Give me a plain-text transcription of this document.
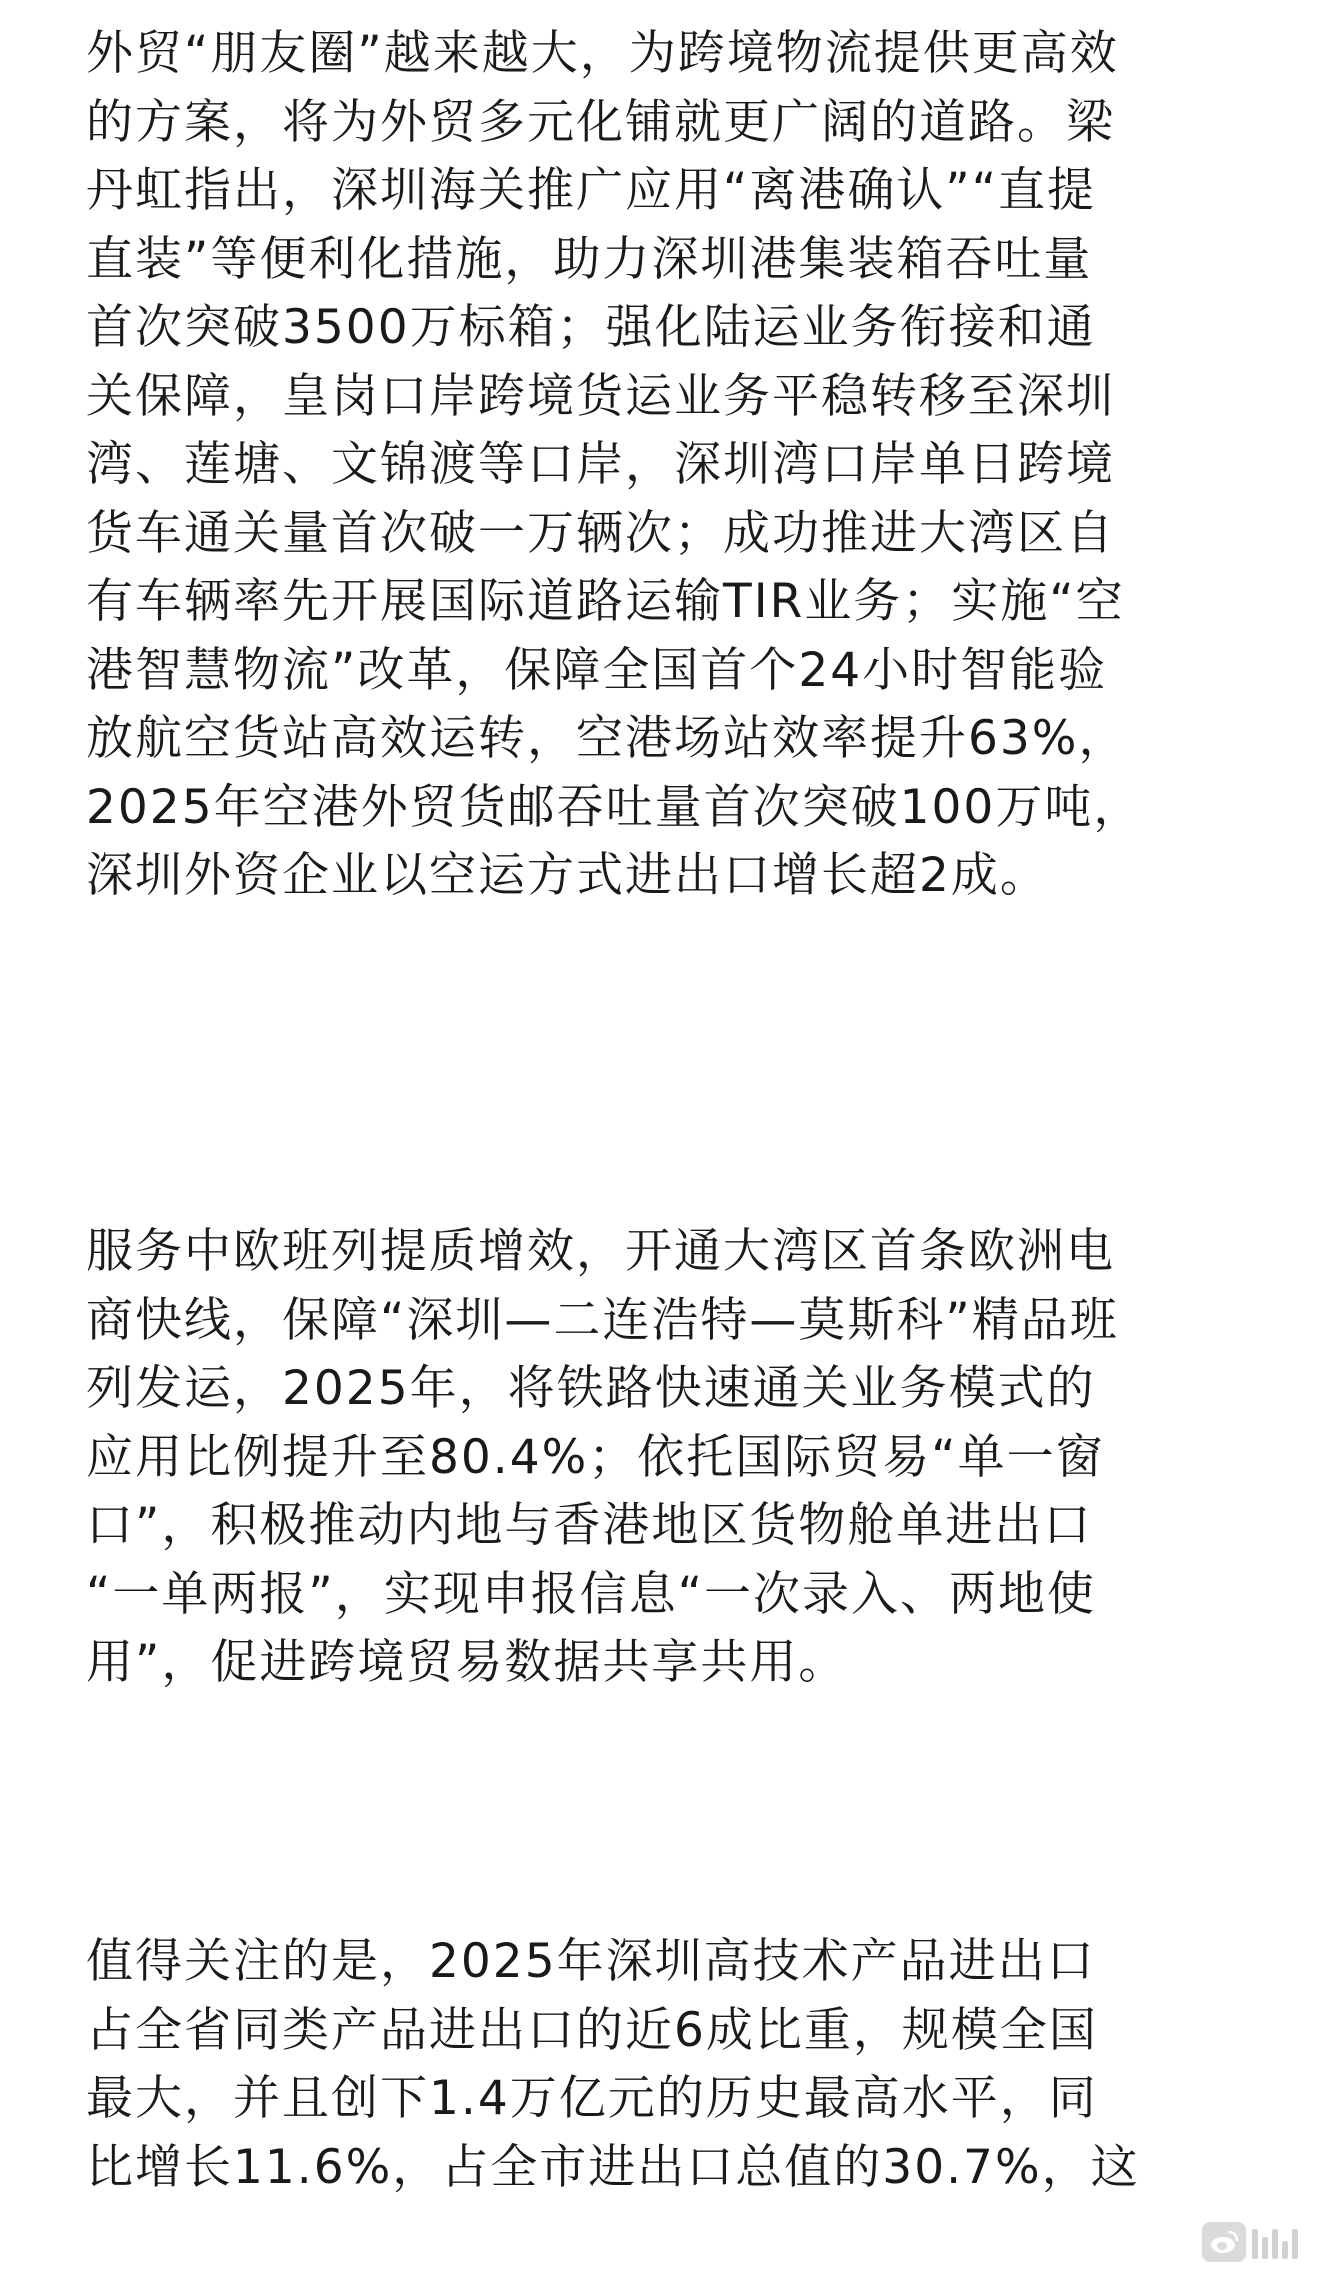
外贸“朋友圈”越来越大，为跨境物流提供更高效
的方案，将为外贸多元化铺就更广阔的道路。梁
丹虹指出，深圳海关推广应用“离港确认”“直提
直装”等便利化措施，助力深圳港集装箱吞吐量
首次突破3500万标箱；强化陆运业务衔接和通
关保障，皇岗口岸跨境货运业务平稳转移至深圳
湾、莲塘、文锦渡等口岸，深圳湾口岸单日跨境
货车通关量首次破一万辆次；成功推进大湾区自
有车辆率先开展国际道路运输TIR业务；实施“空
港智慧物流”改革，保障全国首个24小时智能验
放航空货站高效运转，空港场站效率提升63%，
2025年空港外贸货邮吞吐量首次突破100万吨，
深圳外资企业以空运方式进出口增长超2成。

服务中欧班列提质增效，开通大湾区首条欧洲电
商快线，保障“深圳—二连浩特—莫斯科”精品班
列发运，2025年，将铁路快速通关业务模式的
应用比例提升至80.4%；依托国际贸易“单一窗
口”，积极推动内地与香港地区货物舱单进出口
“一单两报”，实现申报信息“一次录入、两地使
用”，促进跨境贸易数据共享共用。

值得关注的是，2025年深圳高技术产品进出口
占全省同类产品进出口的近6成比重，规模全国
最大，并且创下1.4万亿元的历史最高水平，同
比增长11.6%，占全市进出口总值的30.7%，这
